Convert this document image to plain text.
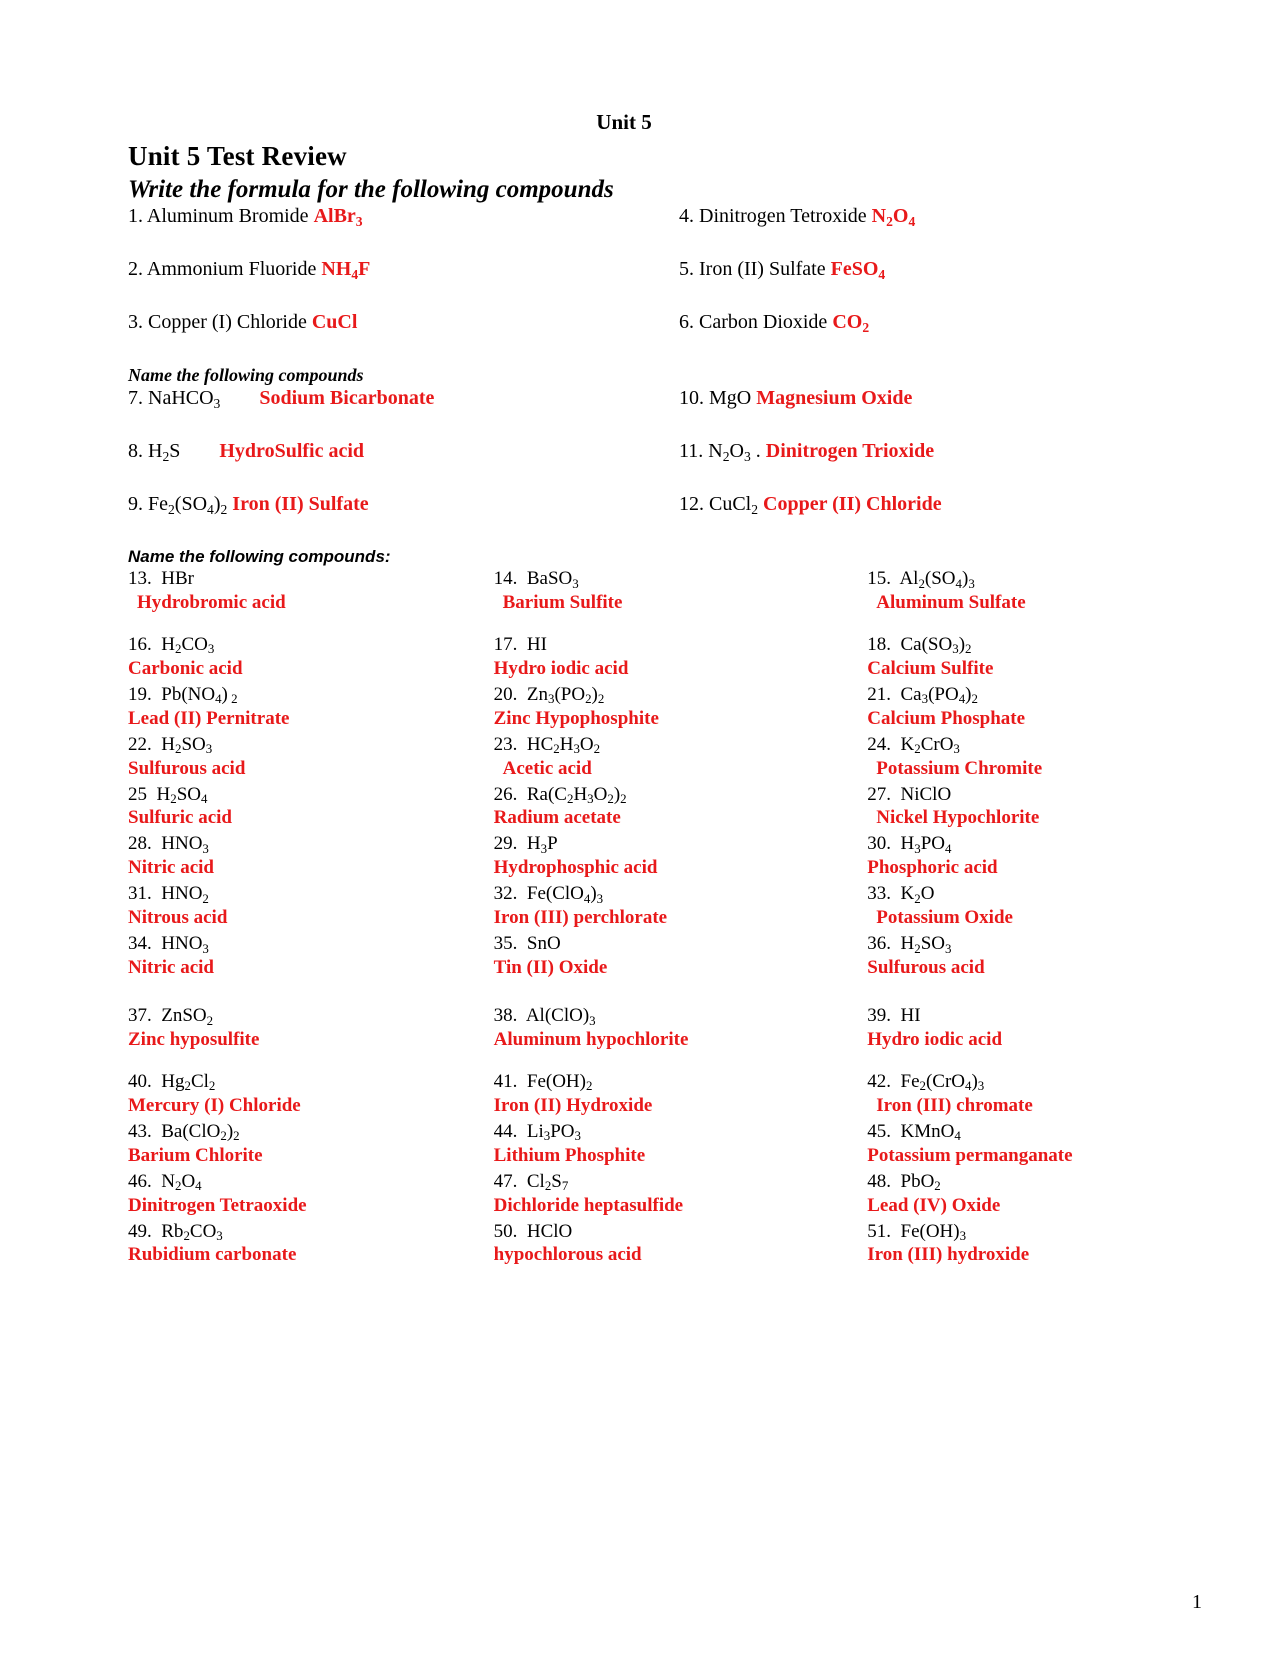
Unit 5
Unit 5 Test Review
Write the formula for the following compounds
1. Aluminum Bromide AlBr$_3$
2. Ammonium Fluoride $NH_4F$
3. Copper (I) Chloride CuCl
4. Dinitrogen Tetroxide $N_2O_4$
5. Iron (II) Sulfate FeSO$_4$
6. Carbon Dioxide $CO_2$
Name the following compounds
7. NaHCO$_3$ Sodium Bicarbonate
8. $H_2S$ HydroSulfic acid
9. $Fe_2(SO_4)_2$ Iron (II) Sulfate
10. MgO Magnesium Oxide
11. $N_2O_3$ . Dinitrogen Trioxide
12. CuCl$_2$ Copper (II) Chloride
Name the following compounds:
13. HBr
Hydrobromic acid
14. BaSO$_3$
Barium Sulfite
15. $Al_2(SO_4)_3$
Aluminum Sulfate
16. $H_2CO_3$
Carbonic acid
17. HI
Hydro iodic acid
18. $Ca(SO_3)_2$
Calcium Sulfite
19. $Pb(NO_4)$ $_2$
Lead (II) Pernitrate
20. $Zn_3(PO_2)_2$
Zinc Hypophosphite
21. $Ca_3(PO_4)_2$
Calcium Phosphate
22. $H_2SO_3$
Sulfurous acid
23. $HC_2H_3O_2$
Acetic acid
24. $K_2CrO_3$
Potassium Chromite
25 $H_2SO_4$
Sulfuric acid
26. $Ra(C_2H_3O_2)_2$
Radium acetate
27. NiClO
Nickel Hypochlorite
28. $HNO_3$
Nitric acid
29. $H_3P$
Hydrophosphic acid
30. $H_3PO_4$
Phosphoric acid
31. $HNO_2$
Nitrous acid
32. $Fe(ClO_4)_3$
Iron (III) perchlorate
33. $K_2O$
Potassium Oxide
34. $HNO_3$
Nitric acid
35. SnO
Tin (II) Oxide
36. $H_2SO_3$
Sulfurous acid
37. ZnSO$_2$
Zinc hyposulfite
38. $Al(ClO)_3$
Aluminum hypochlorite
39. HI
Hydro iodic acid
40. $Hg_2Cl_2$
Mercury (I) Chloride
41. $Fe(OH)_2$
Iron (II) Hydroxide
42. $Fe_2(CrO_4)_3$
Iron (III) chromate
43. $Ba(ClO_2)_2$
Barium Chlorite
44. $Li_3PO_3$
Lithium Phosphite
45. KMnO$_4$
Potassium permanganate
46. $N_2O_4$
Dinitrogen Tetraoxide
47. $Cl_2S_7$
Dichloride heptasulfide
48. PbO$_2$
Lead (IV) Oxide
49. $Rb_2CO_3$
Rubidium carbonate
50. HClO
hypochlorous acid
51. $Fe(OH)_3$
Iron (III) hydroxide
1
